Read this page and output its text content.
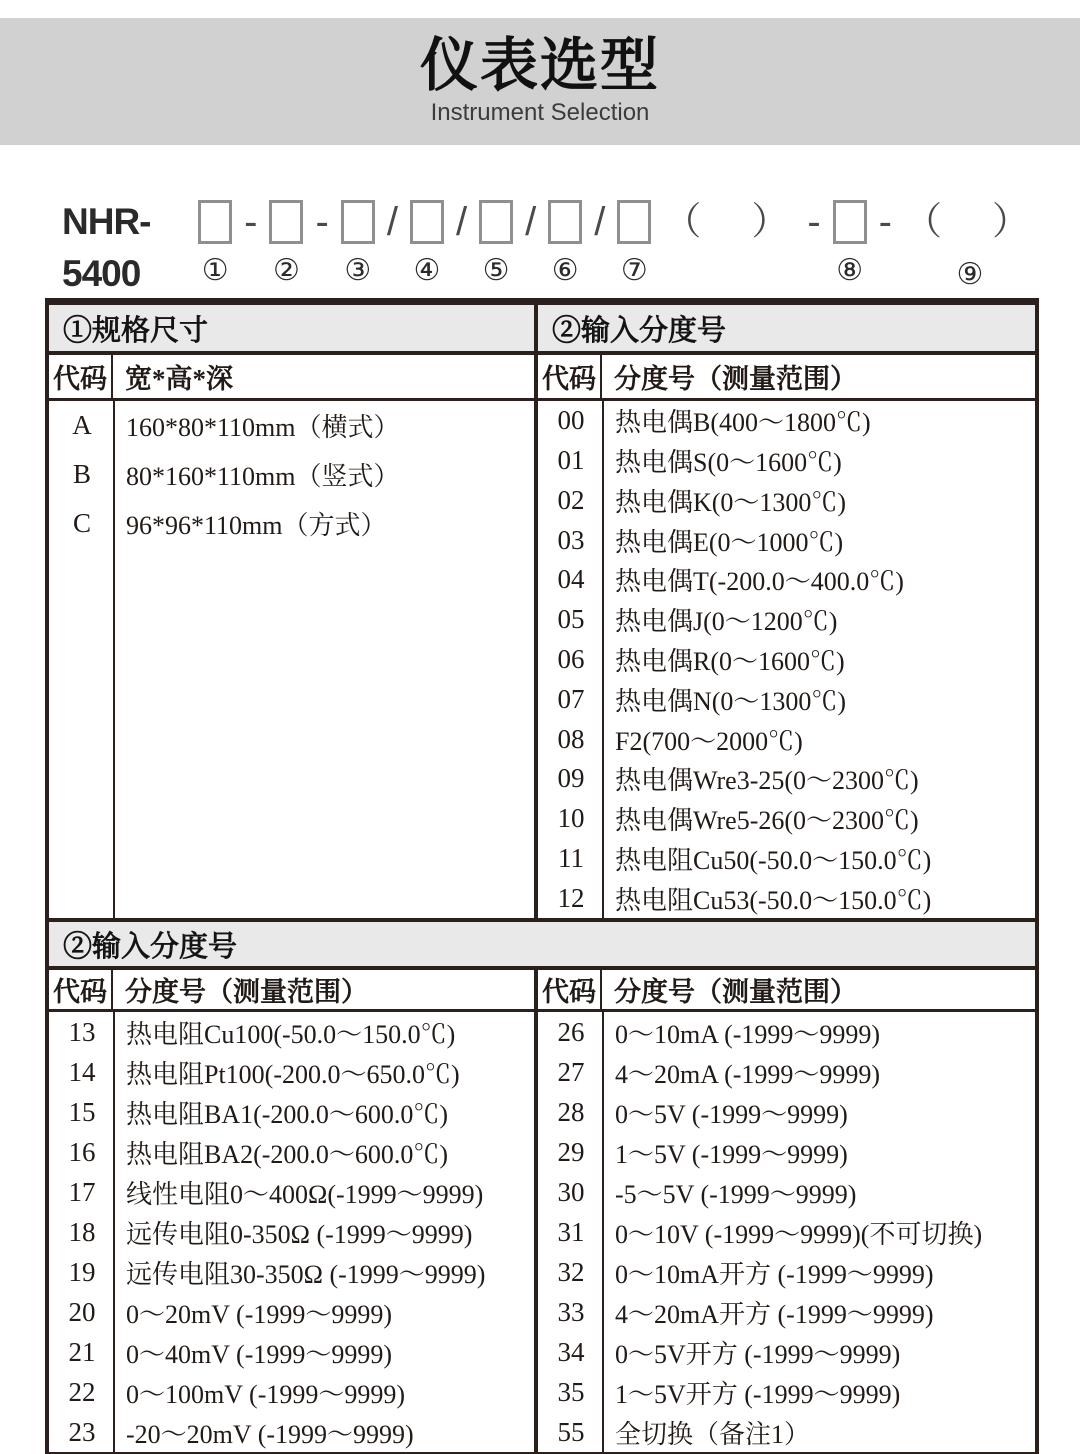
仪表选型
Instrument Selection
NHR-5400	①
-
②
-
③
/
④
/
⑤
/
⑥
/
⑦
（　） -
⑧
- （　）
⑨
①规格尺寸
代码 宽*高*深
A	160*80*110mm（横式）
B	80*160*110mm（竖式）
C	96*96*110mm（方式）
②输入分度号
代码 分度号（测量范围）
00	热电偶B(400～1800℃)
01	热电偶S(0～1600℃)
02	热电偶K(0～1300℃)
03	热电偶E(0～1000℃)
04	热电偶T(-200.0～400.0℃)
05	热电偶J(0～1200℃)
06	热电偶R(0～1600℃)
07	热电偶N(0～1300℃)
08	F2(700～2000℃)
09	热电偶Wre3-25(0～2300℃)
10	热电偶Wre5-26(0～2300℃)
11	热电阻Cu50(-50.0～150.0℃)
12	热电阻Cu53(-50.0～150.0℃)
②输入分度号
代码 分度号（测量范围）
13	热电阻Cu100(-50.0～150.0℃)
14	热电阻Pt100(-200.0～650.0℃)
15	热电阻BA1(-200.0～600.0℃)
16	热电阻BA2(-200.0～600.0℃)
17	线性电阻0～400Ω(-1999～9999)
18	远传电阻0-350Ω (-1999～9999)
19	远传电阻30-350Ω (-1999～9999)
20	0～20mV (-1999～9999)
21	0～40mV (-1999～9999)
22	0～100mV (-1999～9999)
23	-20～20mV (-1999～9999)
代码 分度号（测量范围）
26	0～10mA (-1999～9999)
27	4～20mA (-1999～9999)
28	0～5V (-1999～9999)
29	1～5V (-1999～9999)
30	-5～5V (-1999～9999)
31	0～10V (-1999～9999)(不可切换)
32	0～10mA开方 (-1999～9999)
33	4～20mA开方 (-1999～9999)
34	0～5V开方 (-1999～9999)
35	1～5V开方 (-1999～9999)
55	全切换（备注1）
